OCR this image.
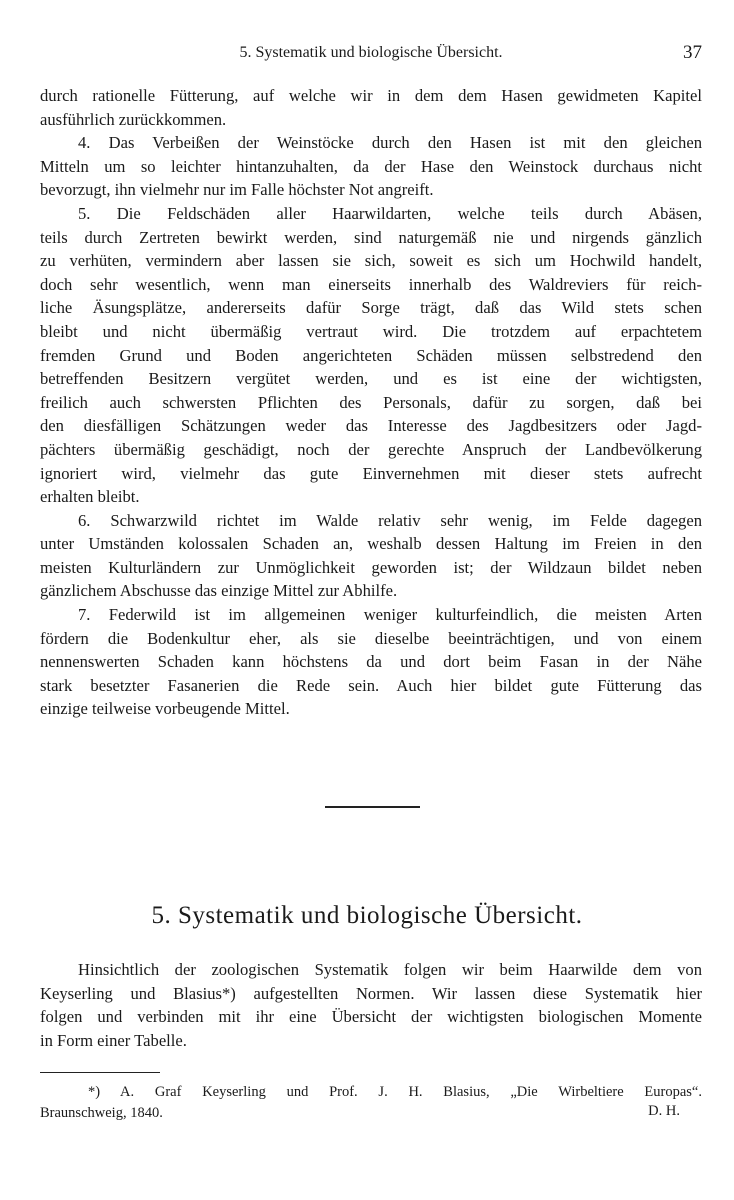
5. Systematik und biologische Übersicht.	37
durch rationelle Fütterung, auf welche wir in dem dem Hasen gewidmeten Kapitel
ausführlich zurückkommen.
4. Das Verbeißen der Weinstöcke durch den Hasen ist mit den gleichen
Mitteln um so leichter hintanzuhalten, da der Hase den Weinstock durchaus nicht
bevorzugt, ihn vielmehr nur im Falle höchster Not angreift.
5. Die Feldschäden aller Haarwildarten, welche teils durch Abäsen,
teils durch Zertreten bewirkt werden, sind naturgemäß nie und nirgends gänzlich
zu verhüten, vermindern aber lassen sie sich, soweit es sich um Hochwild handelt,
doch sehr wesentlich, wenn man einerseits innerhalb des Waldreviers für reich-
liche Äsungsplätze, andererseits dafür Sorge trägt, daß das Wild stets schen
bleibt und nicht übermäßig vertraut wird. Die trotzdem auf erpachtetem
fremden Grund und Boden angerichteten Schäden müssen selbstredend den
betreffenden Besitzern vergütet werden, und es ist eine der wichtigsten,
freilich auch schwersten Pflichten des Personals, dafür zu sorgen, daß bei
den diesfälligen Schätzungen weder das Interesse des Jagdbesitzers oder Jagd-
pächters übermäßig geschädigt, noch der gerechte Anspruch der Landbevölkerung
ignoriert wird, vielmehr das gute Einvernehmen mit dieser stets aufrecht
erhalten bleibt.
6. Schwarzwild richtet im Walde relativ sehr wenig, im Felde dagegen
unter Umständen kolossalen Schaden an, weshalb dessen Haltung im Freien in den
meisten Kulturländern zur Unmöglichkeit geworden ist; der Wildzaun bildet neben
gänzlichem Abschusse das einzige Mittel zur Abhilfe.
7. Federwild ist im allgemeinen weniger kulturfeindlich, die meisten Arten
fördern die Bodenkultur eher, als sie dieselbe beeinträchtigen, und von einem
nennenswerten Schaden kann höchstens da und dort beim Fasan in der Nähe
stark besetzter Fasanerien die Rede sein. Auch hier bildet gute Fütterung das
einzige teilweise vorbeugende Mittel.
5. Systematik und biologische Übersicht.
Hinsichtlich der zoologischen Systematik folgen wir beim Haarwilde dem von
Keyserling und Blasius*) aufgestellten Normen. Wir lassen diese Systematik hier
folgen und verbinden mit ihr eine Übersicht der wichtigsten biologischen Momente
in Form einer Tabelle.
*) A. Graf Keyserling und Prof. J. H. Blasius, „Die Wirbeltiere Europas“.
Braunschweig, 1840.	D. H.
